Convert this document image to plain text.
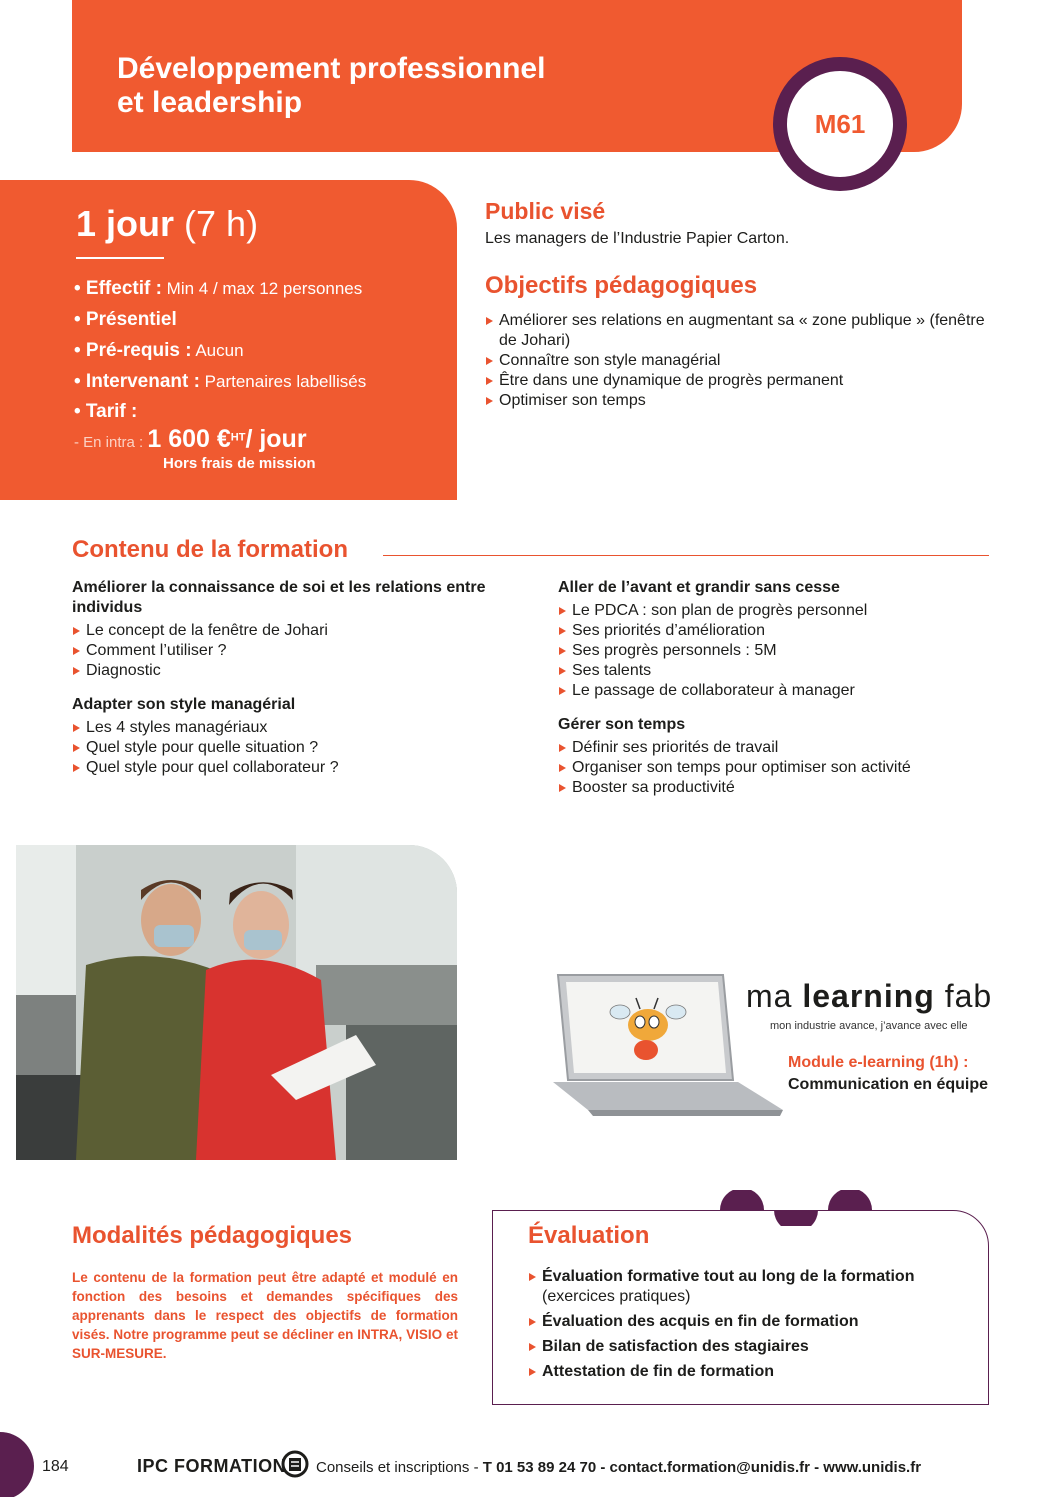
Développement professionnel
et leadership
M61
1 jour (7 h)
• Effectif : Min 4 / max 12 personnes
• Présentiel
• Pré-requis : Aucun
• Intervenant : Partenaires labellisés
• Tarif :
- En intra : 1 600 €$^{HT}$/ jour
Hors frais de mission
Public visé
Les managers de l’Industrie Papier Carton.
Objectifs pédagogiques
Améliorer ses relations en augmentant sa « zone publique » (fenêtre de Johari)
Connaître son style managérial
Être dans une dynamique de progrès permanent
Optimiser son temps
Contenu de la formation
Améliorer la connaissance de soi et les relations entre individus
Le concept de la fenêtre de Johari
Comment l’utiliser ?
Diagnostic
Adapter son style managérial
Les 4 styles managériaux
Quel style pour quelle situation ?
Quel style pour quel collaborateur ?
Aller de l’avant et grandir sans cesse
Le PDCA : son plan de progrès personnel
Ses priorités d’amélioration
Ses progrès personnels : 5M
Ses talents
Le passage de collaborateur à manager
Gérer son temps
Définir ses priorités de travail
Organiser son temps pour optimiser son activité
Booster sa productivité
ma learning fab
mon industrie avance, j’avance avec elle
Module e-learning (1h) :
Communication en équipe
Modalités pédagogiques
Le contenu de la formation peut être adapté et modulé en fonction des besoins et demandes spécifiques des apprenants dans le respect des objectifs de formation visés. Notre programme peut se décliner en INTRA, VISIO et SUR-MESURE.
Évaluation
Évaluation formative tout au long de la formation
(exercices pratiques)
Évaluation des acquis en fin de formation
Bilan de satisfaction des stagiaires
Attestation de fin de formation
184	IPC FORMATION Conseils et inscriptions - T 01 53 89 24 70 - contact.formation@unidis.fr - www.unidis.fr
